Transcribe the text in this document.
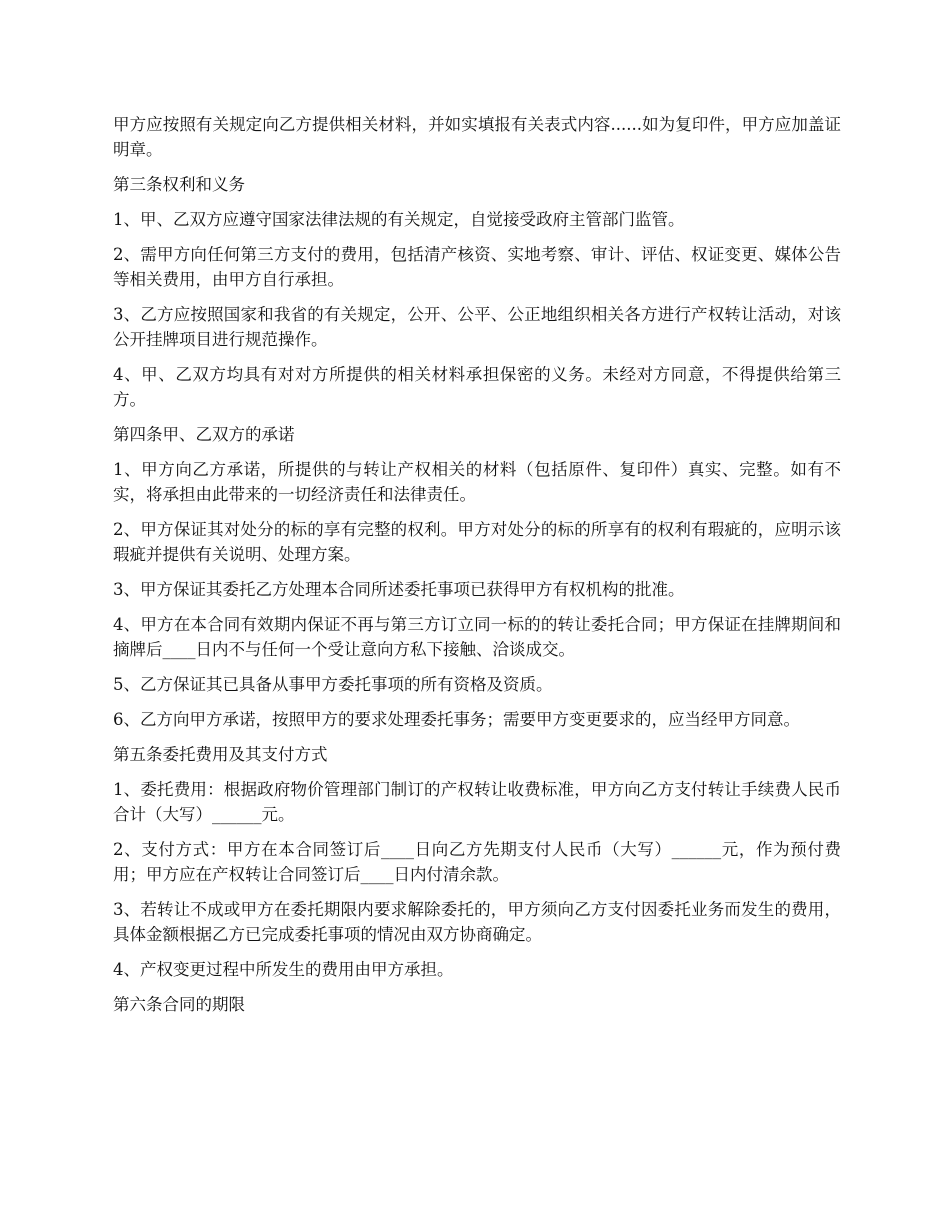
甲方应按照有关规定向乙方提供相关材料，并如实填报有关表式内容......如为复印件，甲方应加盖证明章。

第三条权利和义务

1、甲、乙双方应遵守国家法律法规的有关规定，自觉接受政府主管部门监管。

2、需甲方向任何第三方支付的费用，包括清产核资、实地考察、审计、评估、权证变更、媒体公告等相关费用，由甲方自行承担。

3、乙方应按照国家和我省的有关规定，公开、公平、公正地组织相关各方进行产权转让活动，对该公开挂牌项目进行规范操作。

4、甲、乙双方均具有对对方所提供的相关材料承担保密的义务。未经对方同意，不得提供给第三方。

第四条甲、乙双方的承诺

1、甲方向乙方承诺，所提供的与转让产权相关的材料（包括原件、复印件）真实、完整。如有不实，将承担由此带来的一切经济责任和法律责任。

2、甲方保证其对处分的标的享有完整的权利。甲方对处分的标的所享有的权利有瑕疵的，应明示该瑕疵并提供有关说明、处理方案。

3、甲方保证其委托乙方处理本合同所述委托事项已获得甲方有权机构的批准。

4、甲方在本合同有效期内保证不再与第三方订立同一标的的转让委托合同；甲方保证在挂牌期间和摘牌后____日内不与任何一个受让意向方私下接触、洽谈成交。

5、乙方保证其已具备从事甲方委托事项的所有资格及资质。

6、乙方向甲方承诺，按照甲方的要求处理委托事务；需要甲方变更要求的，应当经甲方同意。

第五条委托费用及其支付方式

1、委托费用：根据政府物价管理部门制订的产权转让收费标准，甲方向乙方支付转让手续费人民币合计（大写）______元。

2、支付方式：甲方在本合同签订后____日向乙方先期支付人民币（大写）______元，作为预付费用；甲方应在产权转让合同签订后____日内付清余款。

3、若转让不成或甲方在委托期限内要求解除委托的，甲方须向乙方支付因委托业务而发生的费用，具体金额根据乙方已完成委托事项的情况由双方协商确定。

4、产权变更过程中所发生的费用由甲方承担。

第六条合同的期限
